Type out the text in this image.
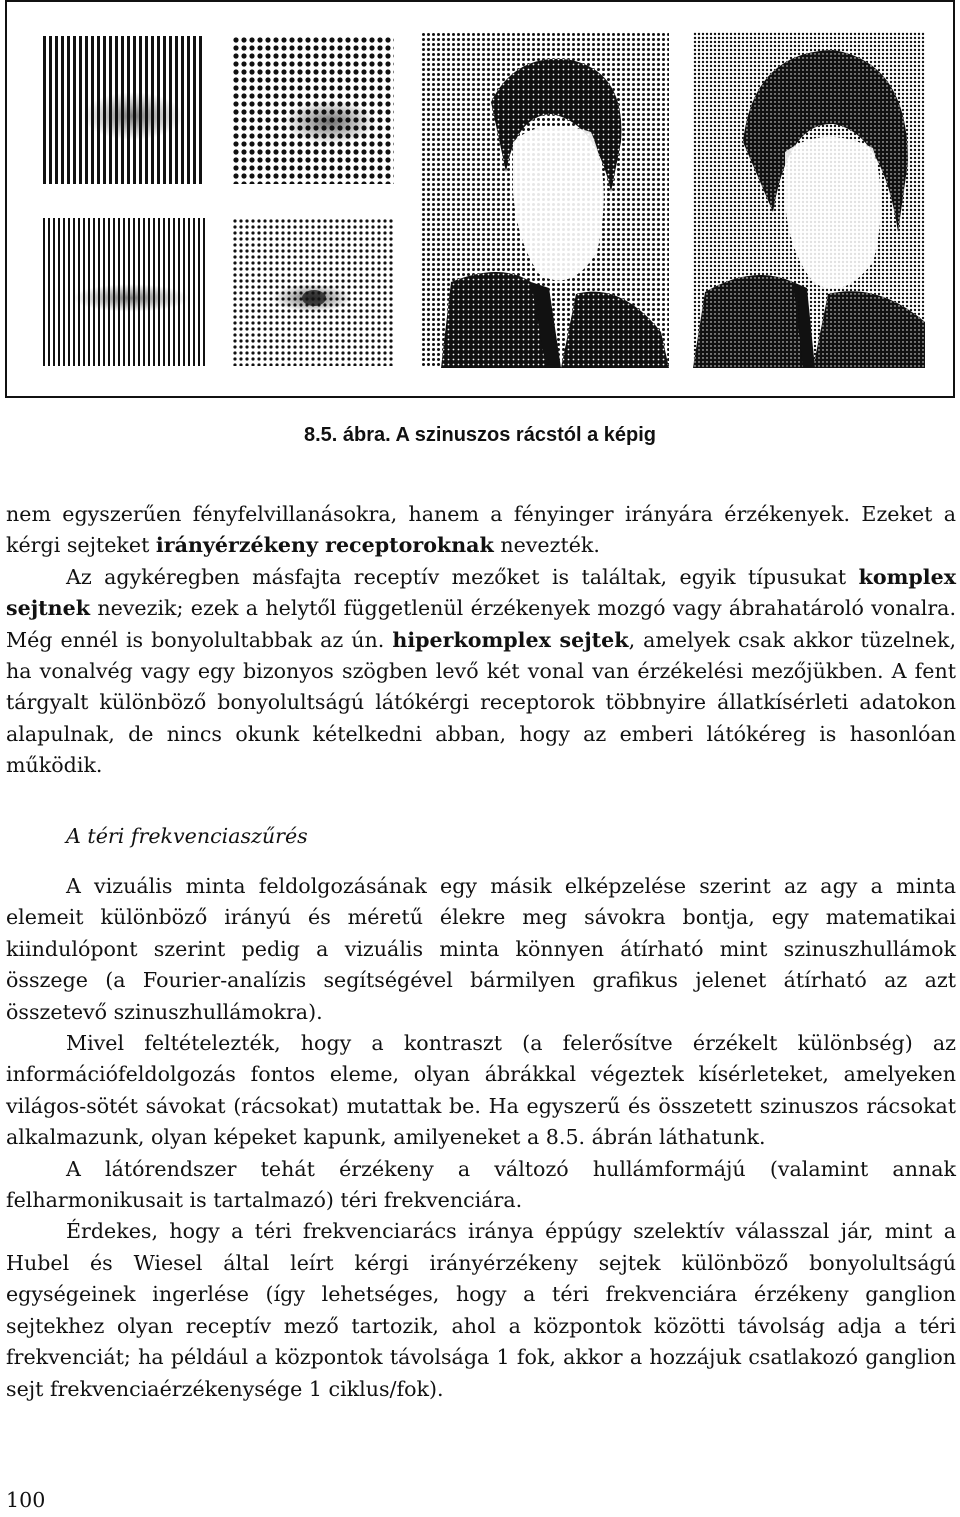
8.5. ábra. A szinuszos rácstól a képig

nem egyszerűen fényfelvillanásokra, hanem a fényinger irányára érzékenyek. Ezeket a kérgi sejteket irányérzékeny receptoroknak nevezték.

Az agykéregben másfajta receptív mezőket is találtak, egyik típusukat komplex sejtnek nevezik; ezek a helytől függetlenül érzékenyek mozgó vagy ábrahatároló vonalra. Még ennél is bonyolultabbak az ún. hiperkomplex sejtek, amelyek csak akkor tüzelnek, ha vonalvég vagy egy bizonyos szögben levő két vonal van érzékelési mezőjükben. A fent tárgyalt különböző bonyolultságú látókérgi receptorok többnyire állatkísérleti adatokon alapulnak, de nincs okunk kételkedni abban, hogy az emberi látókéreg is hasonlóan működik.

A téri frekvenciaszűrés

A vizuális minta feldolgozásának egy másik elképzelése szerint az agy a minta elemeit különböző irányú és méretű élekre meg sávokra bontja, egy matematikai kiindulópont szerint pedig a vizuális minta könnyen átírható mint szinuszhullámok összege (a Fourier-analízis segítségével bármilyen grafikus jelenet átírható az azt összetevő szinuszhullámokra).

Mivel feltételezték, hogy a kontraszt (a felerősítve érzékelt különbség) az információfeldolgozás fontos eleme, olyan ábrákkal végeztek kísérleteket, amelyeken világos-sötét sávokat (rácsokat) mutattak be. Ha egyszerű és összetett szinuszos rácsokat alkalmazunk, olyan képeket kapunk, amilyeneket a 8.5. ábrán láthatunk.

A látórendszer tehát érzékeny a változó hullámformájú (valamint annak felharmonikusait is tartalmazó) téri frekvenciára.

Érdekes, hogy a téri frekvenciarács iránya éppúgy szelektív válasszal jár, mint a Hubel és Wiesel által leírt kérgi irányérzékeny sejtek különböző bonyolultságú egységeinek ingerlése (így lehetséges, hogy a téri frekvenciára érzékeny ganglion sejtekhez olyan receptív mező tartozik, ahol a központok közötti távolság adja a téri frekvenciát; ha például a központok távolsága 1 fok, akkor a hozzájuk csatlakozó ganglion sejt frekvenciaérzékenysége 1 ciklus/fok).

100
